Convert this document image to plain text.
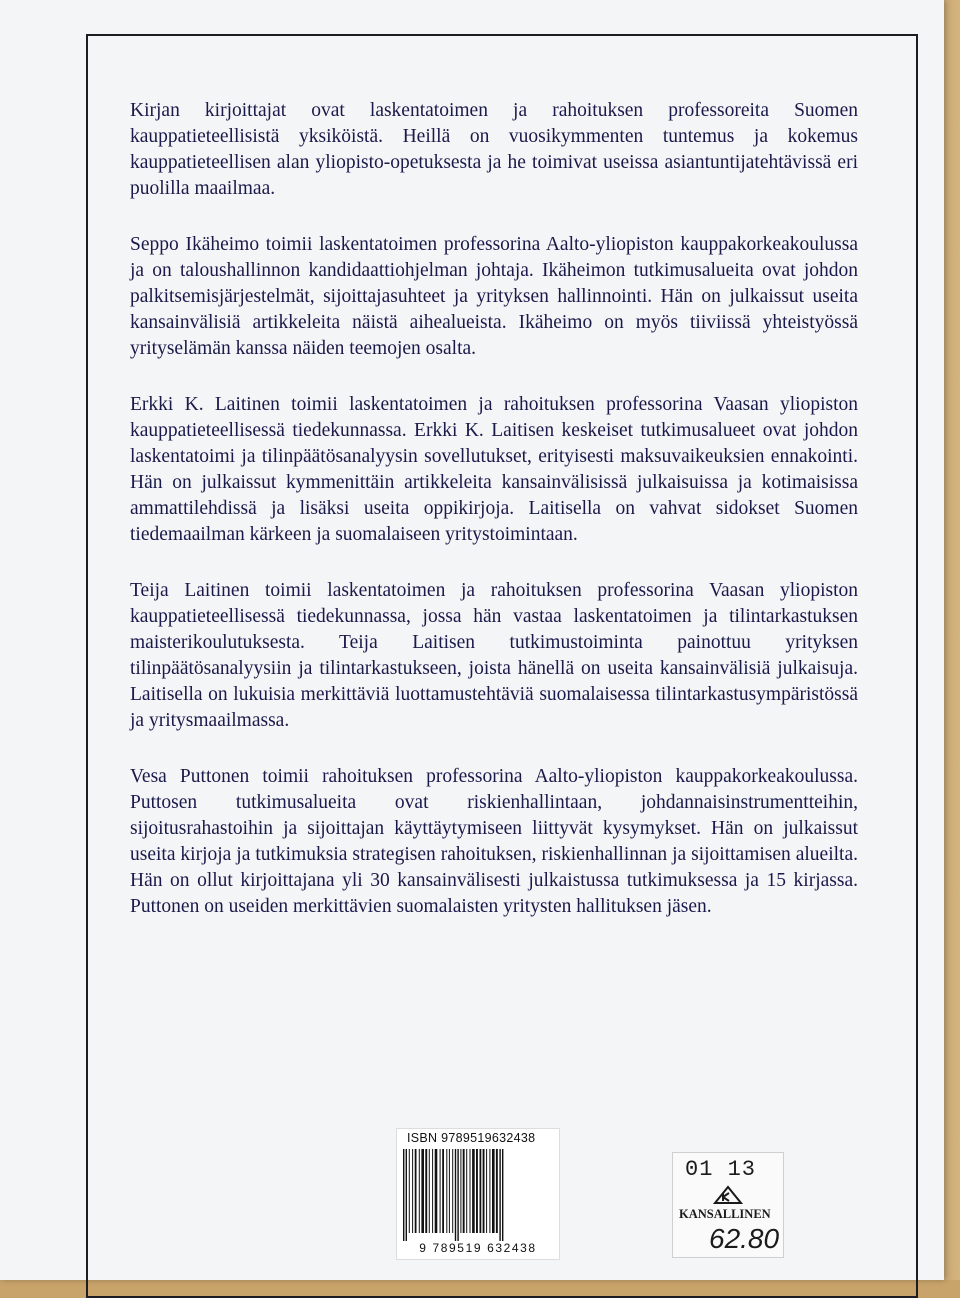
Kirjan kirjoittajat ovat laskentatoimen ja rahoituksen professoreita Suomen kauppatieteellisistä yksiköistä. Heillä on vuosikymmenten tuntemus ja kokemus kauppatieteellisen alan yliopisto-opetuksesta ja he toimivat useissa asiantuntijatehtävissä eri puolilla maailmaa.

Seppo Ikäheimo toimii laskentatoimen professorina Aalto-yliopiston kauppakorkeakoulussa ja on taloushallinnon kandidaattiohjelman johtaja. Ikäheimon tutkimusalueita ovat johdon palkitsemisjärjestelmät, sijoittajasuhteet ja yrityksen hallinnointi. Hän on julkaissut useita kansainvälisiä artikkeleita näistä aihealueista. Ikäheimo on myös tiiviissä yhteistyössä yrityselämän kanssa näiden teemojen osalta.

Erkki K. Laitinen toimii laskentatoimen ja rahoituksen professorina Vaasan yliopiston kauppatieteellisessä tiedekunnassa. Erkki K. Laitisen keskeiset tutkimusalueet ovat johdon laskentatoimi ja tilinpäätösanalyysin sovellutukset, erityisesti maksuvaikeuksien ennakointi. Hän on julkaissut kymmenittäin artikkeleita kansainvälisissä julkaisuissa ja kotimaisissa ammattilehdissä ja lisäksi useita oppikirjoja. Laitisella on vahvat sidokset Suomen tiedemaailman kärkeen ja suomalaiseen yritystoimintaan.

Teija Laitinen toimii laskentatoimen ja rahoituksen professorina Vaasan yliopiston kauppatieteellisessä tiedekunnassa, jossa hän vastaa laskentatoimen ja tilintarkastuksen maisterikoulutuksesta. Teija Laitisen tutkimustoiminta painottuu yrityksen tilinpäätösanalyysiin ja tilintarkastukseen, joista hänellä on useita kansainvälisiä julkaisuja. Laitisella on lukuisia merkittäviä luottamustehtäviä suomalaisessa tilintarkastusympäristössä ja yritysmaailmassa.

Vesa Puttonen toimii rahoituksen professorina Aalto-yliopiston kauppakorkeakoulussa. Puttosen tutkimusalueita ovat riskienhallintaan, johdannaisinstrumentteihin, sijoitusrahastoihin ja sijoittajan käyttäytymiseen liittyvät kysymykset. Hän on julkaissut useita kirjoja ja tutkimuksia strategisen rahoituksen, riskienhallinnan ja sijoittamisen alueilta. Hän on ollut kirjoittajana yli 30 kansainvälisesti julkaistussa tutkimuksessa ja 15 kirjassa. Puttonen on useiden merkittävien suomalaisten yritysten hallituksen jäsen.

ISBN 9789519632438
9 789519 632438
01 13
KANSALLINEN
62.80
